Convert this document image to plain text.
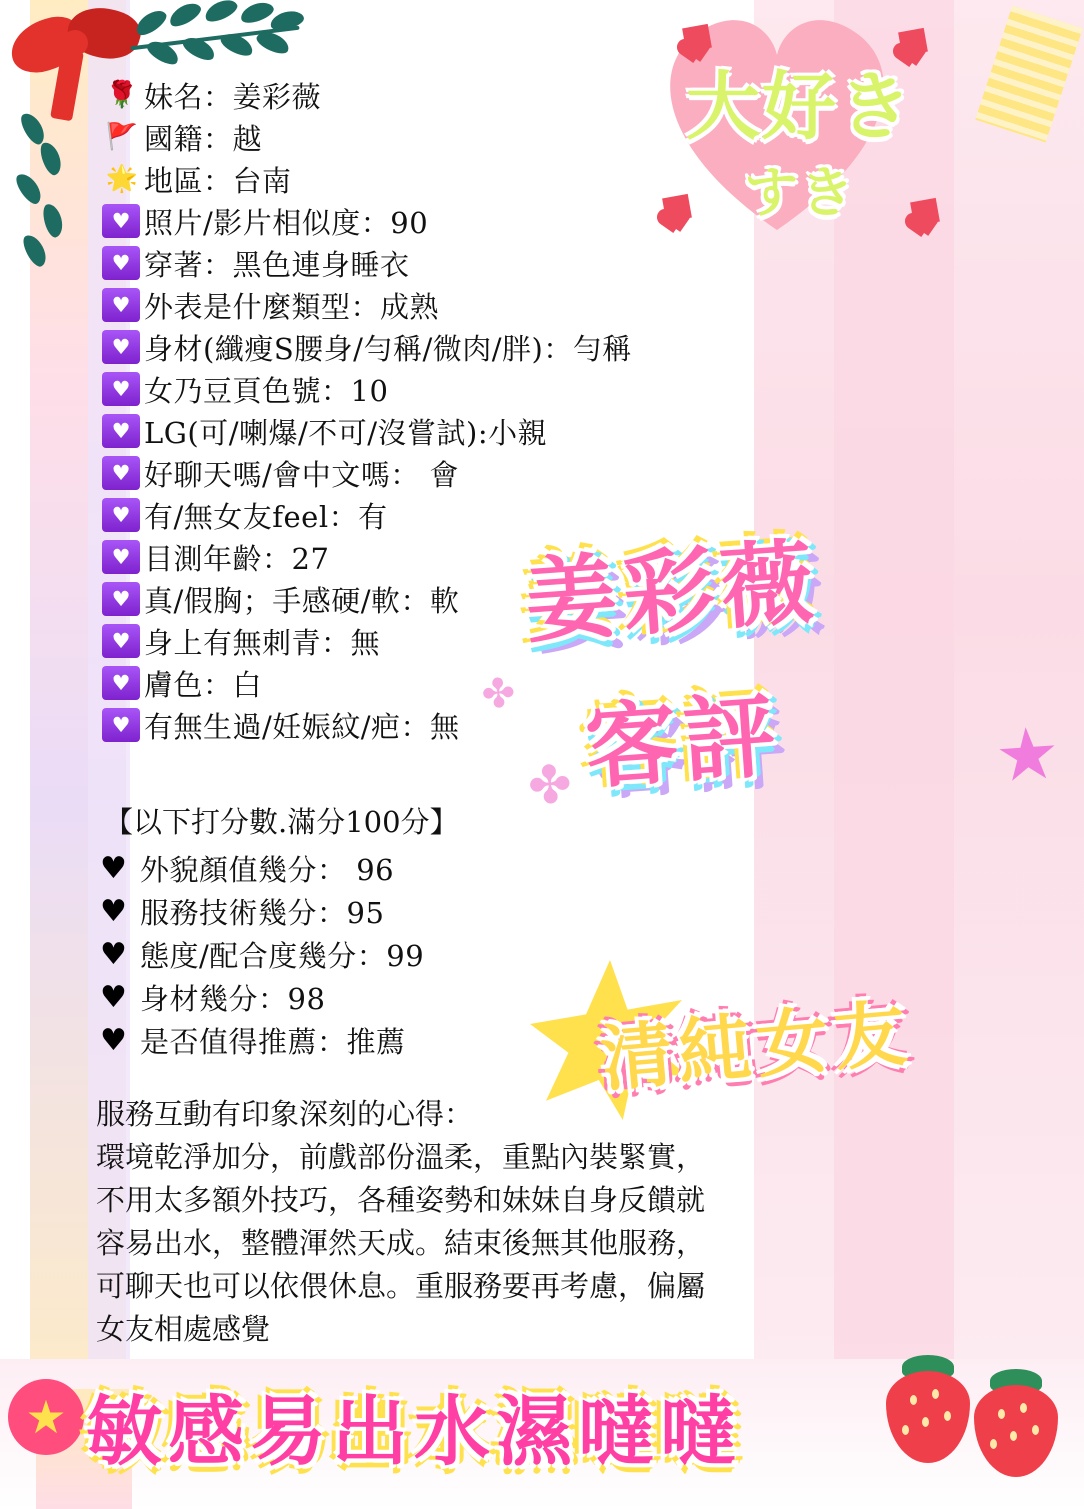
大好き
すき
🌹 妹名：姜彩薇
🚩 國籍：越
🌟 地區：台南
♥ 照片/影片相似度：90
♥ 穿著：黑色連身睡衣
♥ 外表是什麼類型：成熟
♥ 身材(纖瘦S腰身/勻稱/微肉/胖)：勻稱
♥ 女乃豆頁色號：10
♥ LG(可/喇爆/不可/沒嘗試):小親
♥ 好聊天嗎/會中文嗎： 會
♥ 有/無女友feel：有
♥ 目測年齡：27
♥ 真/假胸；手感硬/軟：軟
♥ 身上有無刺青：無
♥ 膚色：白
♥ 有無生過/妊娠紋/疤：無
姜彩薇
客評
✤
✤	★
【以下打分數.滿分100分】
♥ 外貌顏值幾分： 96
♥ 服務技術幾分：95
♥ 態度/配合度幾分：99
♥ 身材幾分：98
♥ 是否值得推薦：推薦	清純女友
服務互動有印象深刻的心得：
環境乾淨加分，前戲部份溫柔，重點內裝緊實，
不用太多額外技巧，各種姿勢和妹妹自身反饋就
容易出水，整體渾然天成。結束後無其他服務，
可聊天也可以依偎休息。重服務要再考慮，偏屬
女友相處感覺
★ 敏感易出水濕噠噠
